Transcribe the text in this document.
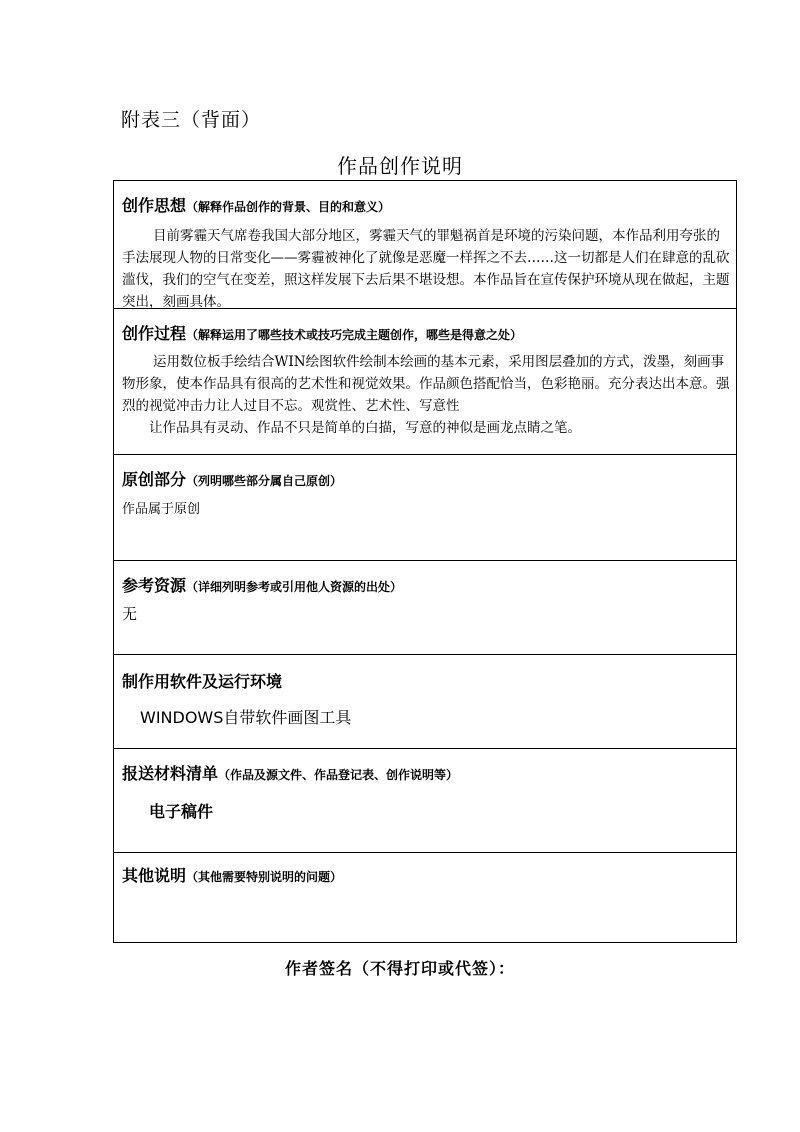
附表三（背面）
作品创作说明
创作思想（解释作品创作的背景、目的和意义）

目前雾霾天气席卷我国大部分地区，雾霾天气的罪魁祸首是环境的污染问题，本作品利用夸张的手法展现人物的日常变化——雾霾被神化了就像是恶魔一样挥之不去……这一切都是人们在肆意的乱砍滥伐，我们的空气在变差，照这样发展下去后果不堪设想。本作品旨在宣传保护环境从现在做起，主题突出，刻画具体。

创作过程（解释运用了哪些技术或技巧完成主题创作，哪些是得意之处）

运用数位板手绘结合WIN绘图软件绘制本绘画的基本元素，采用图层叠加的方式，泼墨，刻画事物形象，使本作品具有很高的艺术性和视觉效果。作品颜色搭配恰当，色彩艳丽。充分表达出本意。强烈的视觉冲击力让人过目不忘。观赏性、艺术性、写意性

让作品具有灵动、作品不只是简单的白描，写意的神似是画龙点睛之笔。

原创部分（列明哪些部分属自己原创）
作品属于原创
参考资源（详细列明参考或引用他人资源的出处）
无
制作用软件及运行环境
WINDOWS自带软件画图工具
报送材料清单（作品及源文件、作品登记表、创作说明等）
电子稿件
其他说明（其他需要特别说明的问题）
作者签名（不得打印或代签）：
